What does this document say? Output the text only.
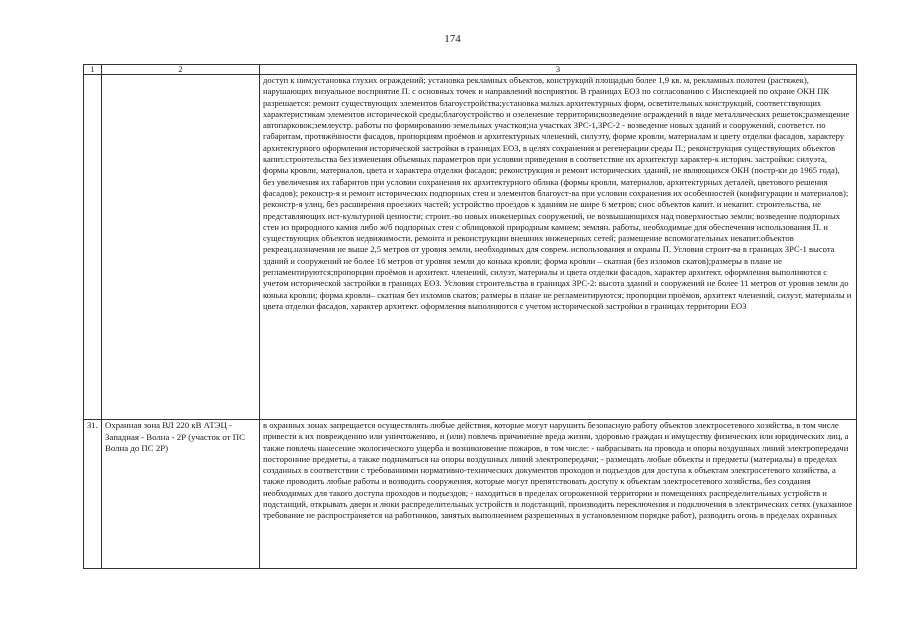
174
1	2	3
		доступ к ним;установка глухих ограждений; установка рекламных объектов, конструкций площадью более 1,9 кв. м, рекламных полотен (растяжек), нарушающих визуальное восприятие П. с основных точек и направлений восприятия. В границах ЕОЗ по согласованию с Инспекцией по охране ОКН ПК разрешается: ремонт существующих элементов благоустройства;установка малых архитектурных форм, осветительных конструкций, соответствующих характеристикам элементов исторической среды;благоустройство и озеленение территории;возведение ограждений в виде металлических решеток;размещение автопарковок;землеустр. работы по формированию земельных участков;на участках ЗРС-1,ЗРС-2 - возведение новых зданий и сооружений, соответст. по габаритам, протяжённости фасадов, пропорциям проёмов и архитектурных членений, силуэту, форме кровли, материалам и цвету отделки фасадов, характеру архитектурного оформления исторической застройки в границах ЕОЗ, в целях сохранения и регенерации среды П.; реконструкция существующих объектов капит.строительства без изменения объемных параметров при условии приведения в соответствие их архитектур характер-к историч. застройки: силуэта, формы кровли, материалов, цвета и характера отделки фасадов; реконструкция и ремонт исторических зданий, не являющихся ОКН (постр-ки до 1965 года), без увеличения их габаритов при условии сохранения их архитектурного облика (формы кровли, материалов, архитектурных деталей, цветового решения фасадов); реконстр-я и ремонт исторических подпорных стен и элементов благоуст-ва при условии сохранения их особенностей (конфигурации и материалов); реконстр-я улиц, без расширения проезжих частей; устройство проездов к зданиям не шире 6 метров; снос объектов капит. и некапит. строительства, не представляющих ист-культурной ценности; строит.-во новых инженерных сооружений, не возвышающихся над поверхностью земли; возведение подпорных стен из природного камня либо ж/б подпорных стен с облицовкой природным камнем; землян. работы, необходимые для обеспечения использования П. и существующих объектов недвижимости, ремонта и реконструкции внешних инженерных сетей; размещение вспомогательных некапит.объектов рекреац.назначения не выше 2,5 метров от уровня земли, необходимых для соврем. использования и охраны П. Условия строит-ва в границах ЗРС-1 высота зданий и сооружений не более 16 метров от уровня земли до конька кровли; форма кровли – скатная (без изломов скатов);размеры в плане не регламентируются;пропорции проёмов и архитект. членений, силуэт, материалы и цвета отделки фасадов, характер архитект. оформления выполняются с учетом исторической застройки в границах ЕОЗ. Условия строительства в границах ЗРС-2: высота зданий и сооружений не более 11 метров от уровня земли до конька кровли; форма кровли– скатная без изломов скатов; размеры в плане не регламентируются; пропорции проёмов, архитект членений, силуэт, материалы и цвета отделки фасадов, характер архитект. оформления выполняются с учетом исторической застройки в границах территории ЕОЗ
31.	Охранная зона ВЛ 220 кВ АТЭЦ - Западная - Волна - 2Р (участок от ПС Волна до ПС 2Р)	в охранных зонах запрещается осуществлять любые действия, которые могут нарушить безопасную работу объектов электросетевого хозяйства, в том числе привести к их повреждению или уничтожению, и (или) повлечь причинение вреда жизни, здоровью граждан и имуществу физических или юридических лиц, а также повлечь нанесение экологического ущерба и возникновение пожаров, в том числе: - набрасывать на провода и опоры воздушных линий электропередачи посторонние предметы, а также подниматься на опоры воздушных линий электропередачи; - размещать любые объекты и предметы (материалы) в пределах созданных в соответствии с требованиями нормативно-технических документов проходов и подъездов для доступа к объектам электросетевого хозяйства, а также проводить любые работы и возводить сооружения, которые могут препятствовать доступу к объектам электросетевого хозяйства, без создания необходимых для такого доступа проходов и подъездов; - находиться в пределах огороженной территории и помещениях распределительных устройств и подстанций, открывать двери и люки распределительных устройств и подстанций, производить переключения и подключения в электрических сетях (указанное требование не распространяется на работников, занятых выполнением разрешенных в установленном порядке работ), разводить огонь в пределах охранных
